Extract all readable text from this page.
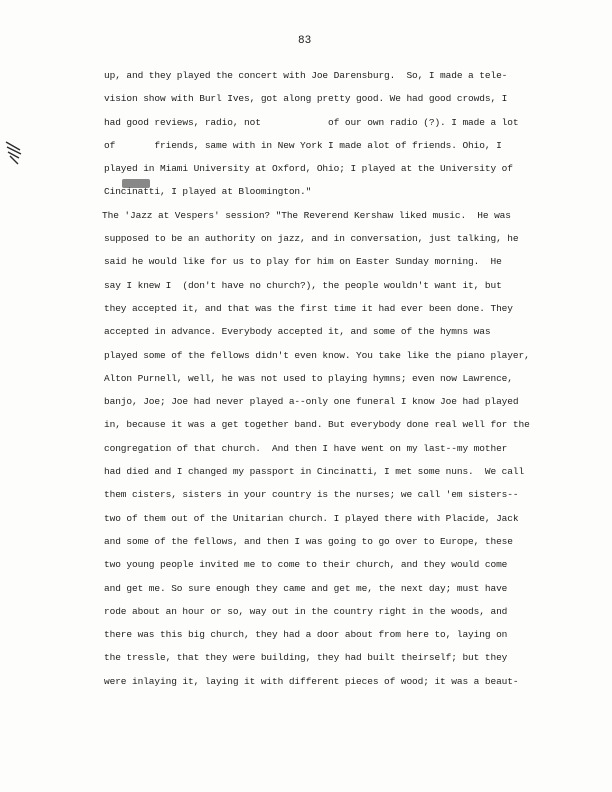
83
up, and they played the concert with Joe Darensburg.  So, I made a tele-
vision show with Burl Ives, got along pretty good. We had good crowds, I
had good reviews, radio, not            of our own radio (?). I made a lot
of       friends, same with in New York I made alot of friends. Ohio, I
played in Miami University at Oxford, Ohio; I played at the University of
Cincinatti, I played at Bloomington."
The 'Jazz at Vespers' session? "The Reverend Kershaw liked music.  He was
supposed to be an authority on jazz, and in conversation, just talking, he
said he would like for us to play for him on Easter Sunday morning.  He
say I knew I  (don't have no church?), the people wouldn't want it, but
they accepted it, and that was the first time it had ever been done. They
accepted in advance. Everybody accepted it, and some of the hymns was
played some of the fellows didn't even know. You take like the piano player,
Alton Purnell, well, he was not used to playing hymns; even now Lawrence,
banjo, Joe; Joe had never played a--only one funeral I know Joe had played
in, because it was a get together band. But everybody done real well for the
congregation of that church.  And then I have went on my last--my mother
had died and I changed my passport in Cincinatti, I met some nuns.  We call
them cisters, sisters in your country is the nurses; we call 'em sisters--
two of them out of the Unitarian church. I played there with Placide, Jack
and some of the fellows, and then I was going to go over to Europe, these
two young people invited me to come to their church, and they would come
and get me. So sure enough they came and get me, the next day; must have
rode about an hour or so, way out in the country right in the woods, and
there was this big church, they had a door about from here to, laying on
the tressle, that they were building, they had built theirself; but they
were inlaying it, laying it with different pieces of wood; it was a beaut-
